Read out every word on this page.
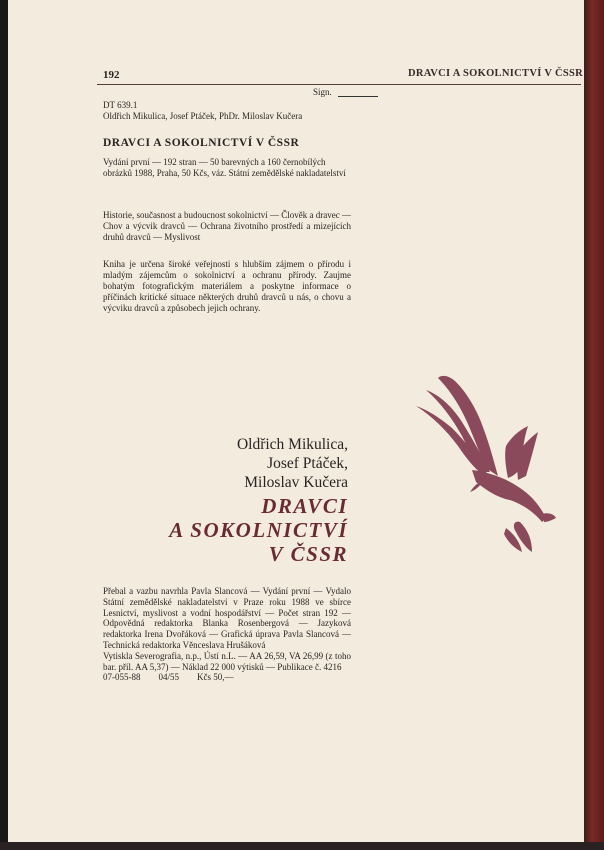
192	DRAVCI A SOKOLNICTVÍ V ČSSR
Sign.
DT 639.1
Oldřich Mikulica, Josef Ptáček, PhDr. Miloslav Kučera
DRAVCI A SOKOLNICTVÍ V ČSSR
Vydání první — 192 stran — 50 barevných a 160 černobílých obrázků 1988, Praha, 50 Kčs, váz. Státní zemědělské nakladatelství
Historie, současnost a budoucnost sokolnictví — Člověk a dravec — Chov a výcvik dravců — Ochrana životního prostředí a mizejících druhů dravců — Myslivost
Kniha je určena široké veřejnosti s hlubším zájmem o přírodu i mladým zájemcům o sokolnictví a ochranu přírody. Zaujme bohatým fotografickým materiálem a poskytne informace o příčinách kritické situace některých druhů dravců u nás, o chovu a výcviku dravců a způsobech jejich ochrany.
Oldřich Mikulica,
Josef Ptáček,
Miloslav Kučera
DRAVCI
A SOKOLNICTVÍ
V ČSSR
Přebal a vazbu navrhla Pavla Slancová — Vydání první — Vydalo Státní zemědělské nakladatelství v Praze roku 1988 ve sbírce Lesnictví, myslivost a vodní hospodářství — Počet stran 192 — Odpovědná redaktorka Blanka Rosenbergová — Jazyková redaktorka Irena Dvořáková — Grafická úprava Pavla Slancová — Technická redaktorka Věnceslava Hrušáková
Vytiskla Severografia, n.p., Ústí n.L. — AA 26,59, VA 26,99 (z toho bar. příl. AA 5,37) — Náklad 22 000 výtisků — Publikace č. 4216
07-055-88        04/55        Kčs 50,—
